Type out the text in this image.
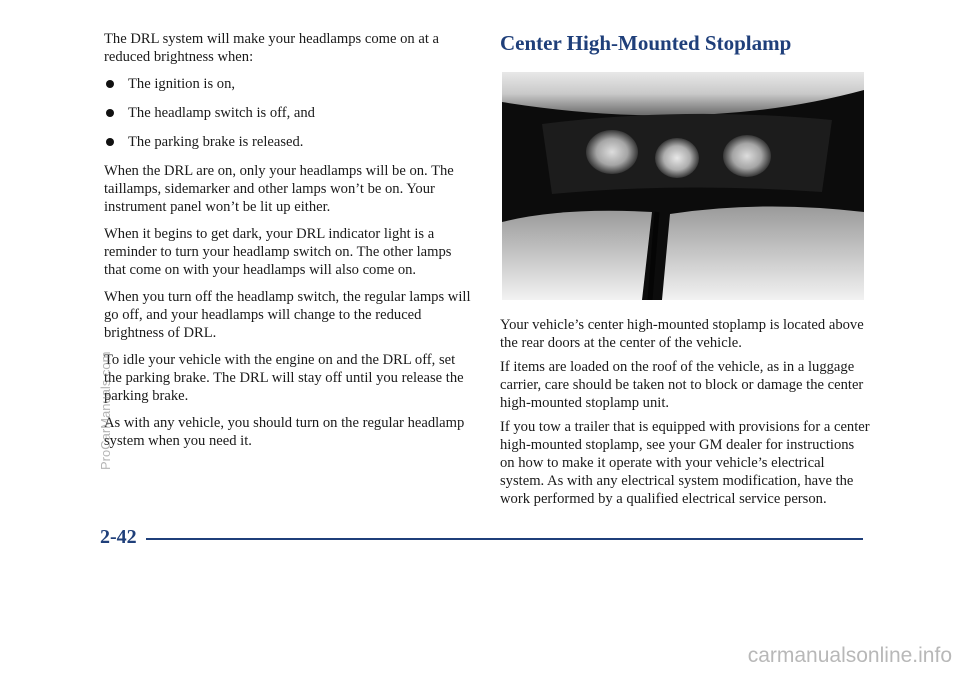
The DRL system will make your headlamps come on at a reduced brightness when:

The ignition is on,
The headlamp switch is off, and
The parking brake is released.

When the DRL are on, only your headlamps will be on. The taillamps, sidemarker and other lamps won’t be on. Your instrument panel won’t be lit up either.

When it begins to get dark, your DRL indicator light is a reminder to turn your headlamp switch on. The other lamps that come on with your headlamps will also come on.

When you turn off the headlamp switch, the regular lamps will go off, and your headlamps will change to the reduced brightness of DRL.

To idle your vehicle with the engine on and the DRL off, set the parking brake. The DRL will stay off until you release the parking brake.

As with any vehicle, you should turn on the regular headlamp system when you need it.

Center High-Mounted Stoplamp

Your vehicle’s center high-mounted stoplamp is located above the rear doors at the center of the vehicle.

If items are loaded on the roof of the vehicle, as in a luggage carrier, care should be taken not to block or damage the center high-mounted stoplamp unit.

If you tow a trailer that is equipped with provisions for a center high-mounted stoplamp, see your GM dealer for instructions on how to make it operate with your vehicle’s electrical system. As with any electrical system modification, have the work performed by a qualified electrical service person.

2-42
ProCarManuals.com
carmanualsonline.info
